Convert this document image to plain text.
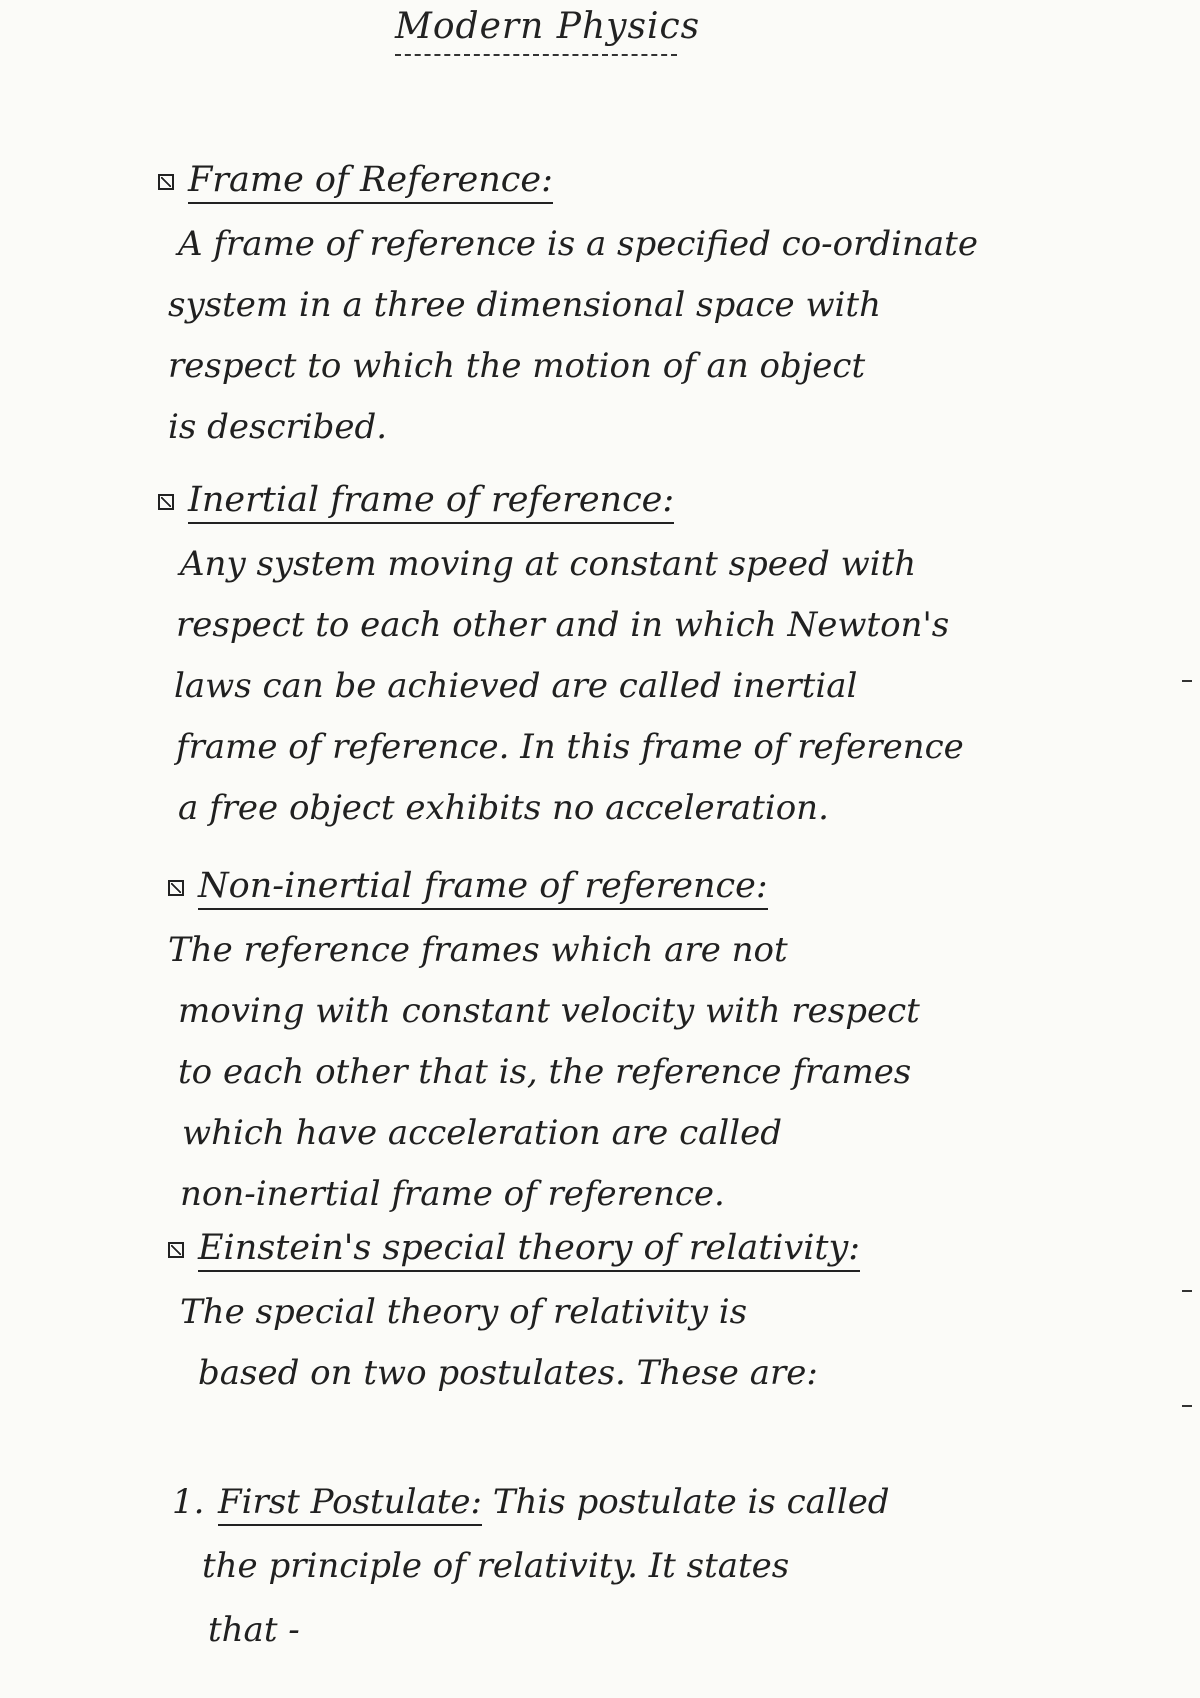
Modern Physics
Frame of Reference:
A frame of reference is a specified co-ordinate
system in a three dimensional space with
respect to which the motion of an object
is described.
Inertial frame of reference:
Any system moving at constant speed with
respect to each other and in which Newton's
laws can be achieved are called inertial
frame of reference. In this frame of reference
a free object exhibits no acceleration.
Non-inertial frame of reference:
The reference frames which are not
moving with constant velocity with respect
to each other that is, the reference frames
which have acceleration are called
non-inertial frame of reference.
Einstein's special theory of relativity:
The special theory of relativity is
based on two postulates. These are:
1. First Postulate: This postulate is called
the principle of relativity. It states
that -
